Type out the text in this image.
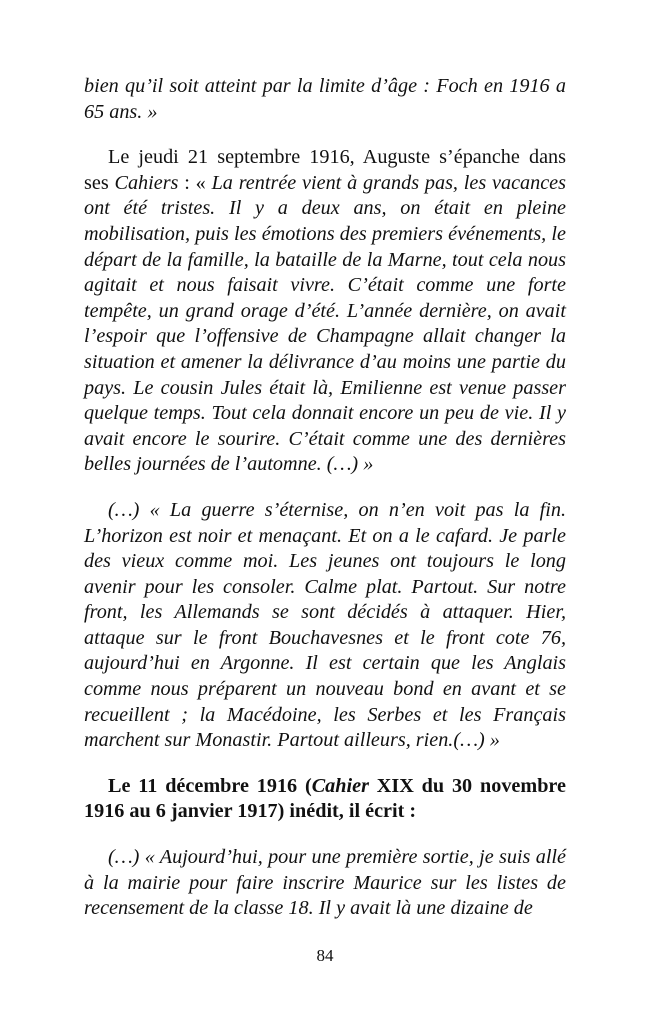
bien qu’il soit atteint par la limite d’âge : Foch en 1916 a 65 ans. »

Le jeudi 21 septembre 1916, Auguste s’épanche dans ses Cahiers : « La rentrée vient à grands pas, les vacances ont été tristes. Il y a deux ans, on était en pleine mobilisation, puis les émotions des premiers événements, le départ de la famille, la bataille de la Marne, tout cela nous agitait et nous faisait vivre. C’était comme une forte tempête, un grand orage d’été. L’année dernière, on avait l’espoir que l’offensive de Champagne allait changer la situation et amener la délivrance d’au moins une partie du pays. Le cousin Jules était là, Emilienne est venue passer quelque temps. Tout cela donnait encore un peu de vie. Il y avait encore le sourire. C’était comme une des dernières belles journées de l’automne. (…) »

(…) « La guerre s’éternise, on n’en voit pas la fin. L’horizon est noir et menaçant. Et on a le cafard. Je parle des vieux comme moi. Les jeunes ont toujours le long avenir pour les consoler. Calme plat. Partout. Sur notre front, les Allemands se sont décidés à attaquer. Hier, attaque sur le front Bouchavesnes et le front cote 76, aujourd’hui en Argonne. Il est certain que les Anglais comme nous préparent un nouveau bond en avant et se recueillent ; la Macédoine, les Serbes et les Français marchent sur Monastir. Partout ailleurs, rien.(…) »

Le 11 décembre 1916 (Cahier XIX du 30 novembre 1916 au 6 janvier 1917) inédit, il écrit :

(…) « Aujourd’hui, pour une première sortie, je suis allé à la mairie pour faire inscrire Maurice sur les listes de recensement de la classe 18. Il y avait là une dizaine de

84
